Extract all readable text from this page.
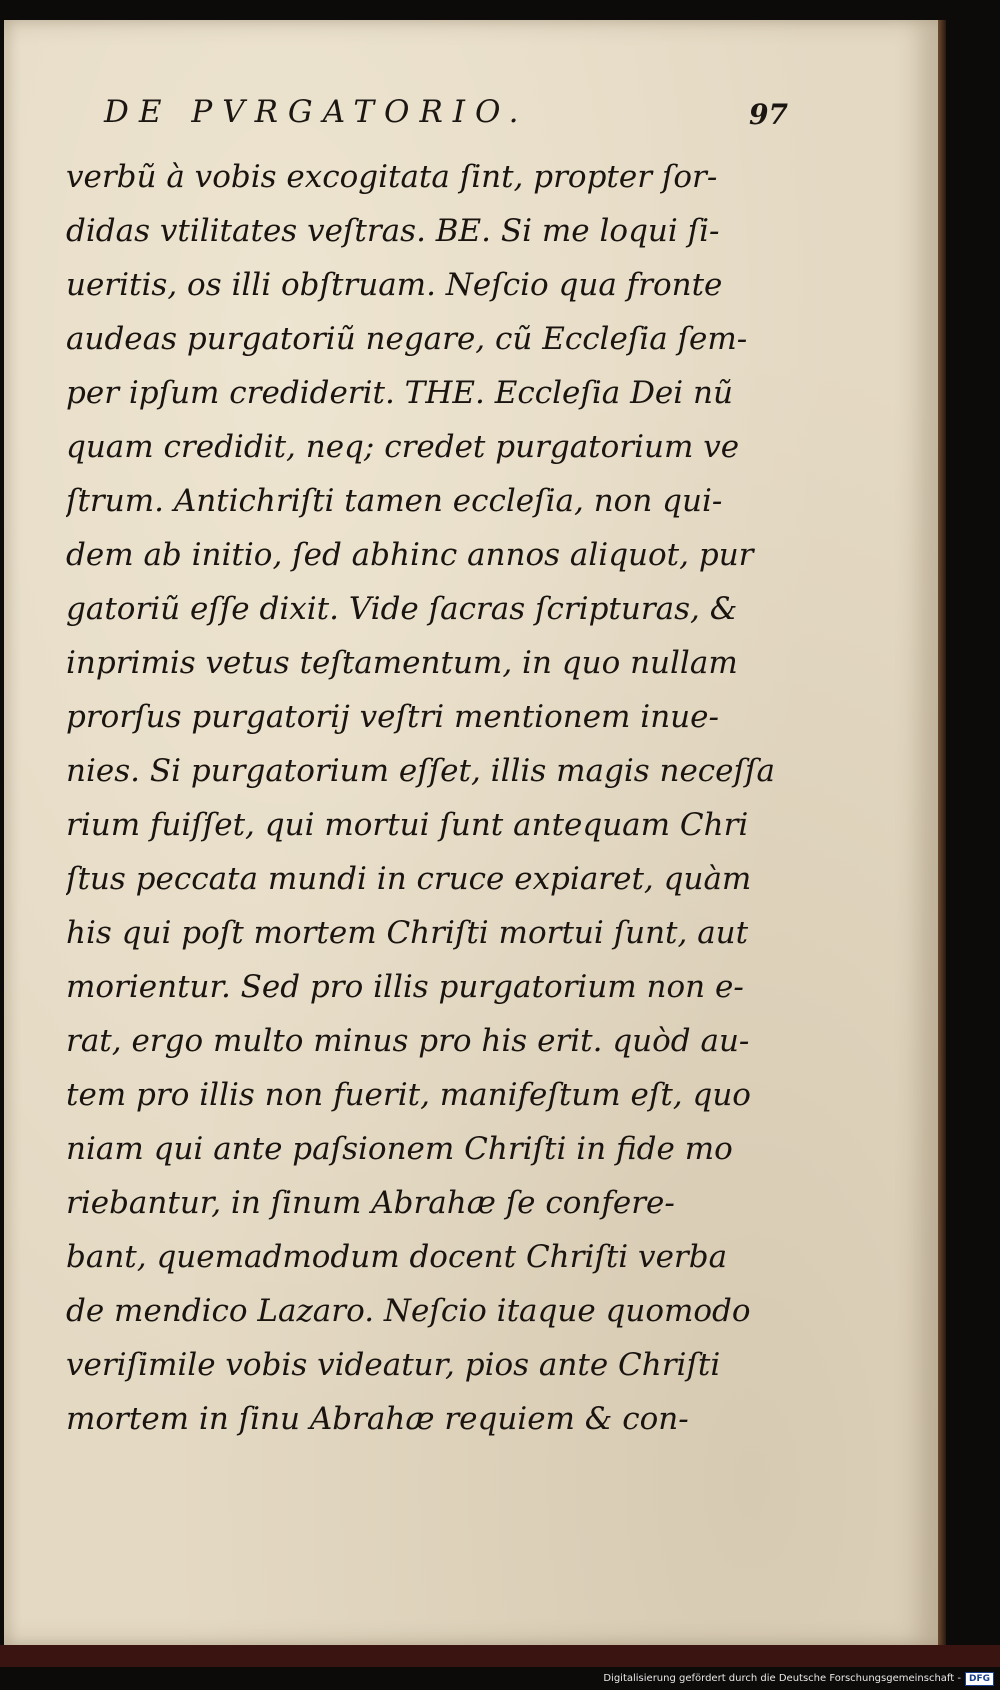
DE PVRGATORIO.	97
verbũ à vobis excogitata ſint, propter ſor-
didas vtilitates veſtras. BE. Si me loqui ſi-
ueritis, os illi obſtruam. Neſcio qua fronte
audeas purgatoriũ negare, cũ Eccleſia ſem-
per ipſum crediderit. THE. Eccleſia Dei nũ
quam credidit, neq; credet purgatorium ve
ſtrum. Antichriſti tamen eccleſia, non qui-
dem ab initio, ſed abhinc annos aliquot, pur
gatoriũ eſſe dixit. Vide ſacras ſcripturas, &
inprimis vetus teſtamentum, in quo nullam
prorſus purgatorij veſtri mentionem inue-
nies. Si purgatorium eſſet, illis magis neceſſa
rium fuiſſet, qui mortui ſunt antequam Chri
ſtus peccata mundi in cruce expiaret, quàm
his qui poſt mortem Chriſti mortui ſunt, aut
morientur. Sed pro illis purgatorium non e-
rat, ergo multo minus pro his erit. quòd au-
tem pro illis non fuerit, manifeſtum eſt, quo
niam qui ante paſsionem Chriſti in fide mo
riebantur, in ſinum Abrahæ ſe confere-
bant, quemadmodum docent Chriſti verba
de mendico Lazaro. Neſcio itaque quomodo
veriſimile vobis videatur, pios ante Chriſti
mortem in ſinu Abrahæ requiem & con-
Digitalisierung gefördert durch die Deutsche Forschungsgemeinschaft - DFG
